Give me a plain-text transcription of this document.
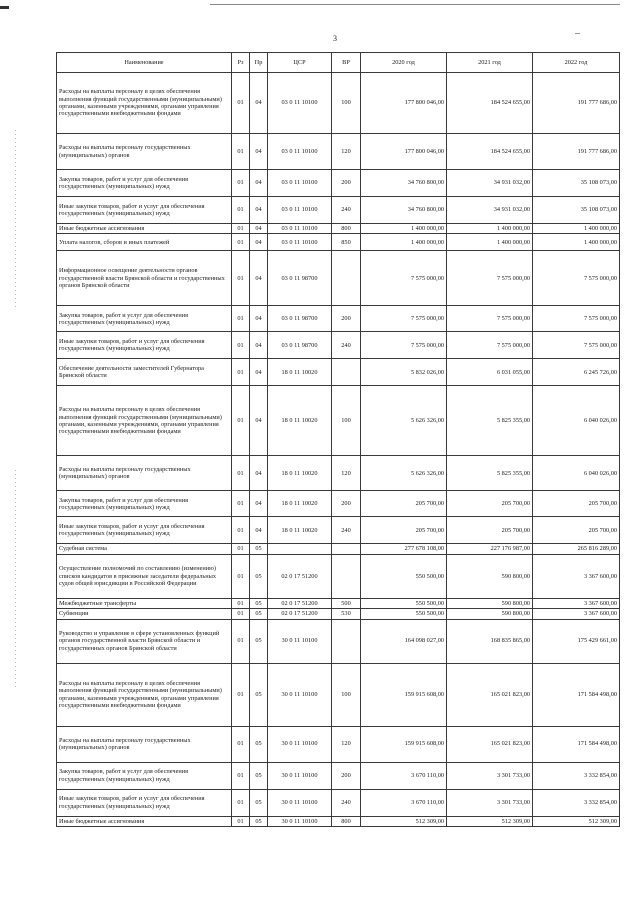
3
Наименование	Рз	Пр	ЦСР	ВР	2020 год	2021 год	2022 год
Расходы на выплаты персоналу в целях обеспечения выполнения функций государственными (муниципальными) органами, казенными учреждениями, органами управления государственными внебюджетными фондами	01	04	03 0 11 10100	100	177 800 046,00	184 524 655,00	191 777 686,00
Расходы на выплаты персоналу государственных (муниципальных) органов	01	04	03 0 11 10100	120	177 800 046,00	184 524 655,00	191 777 686,00
Закупка товаров, работ и услуг для обеспечения государственных (муниципальных) нужд	01	04	03 0 11 10100	200	34 760 800,00	34 931 032,00	35 108 073,00
Иные закупки товаров, работ и услуг для обеспечения государственных (муниципальных) нужд	01	04	03 0 11 10100	240	34 760 800,00	34 931 032,00	35 108 073,00
Иные бюджетные ассигнования	01	04	03 0 11 10100	800	1 400 000,00	1 400 000,00	1 400 000,00
Уплата налогов, сборов и иных платежей	01	04	03 0 11 10100	850	1 400 000,00	1 400 000,00	1 400 000,00
Информационное освещение деятельности органов государственной власти Брянской области и государственных органов Брянской области	01	04	03 0 11 98700		7 575 000,00	7 575 000,00	7 575 000,00
Закупка товаров, работ и услуг для обеспечения государственных (муниципальных) нужд	01	04	03 0 11 98700	200	7 575 000,00	7 575 000,00	7 575 000,00
Иные закупки товаров, работ и услуг для обеспечения государственных (муниципальных) нужд	01	04	03 0 11 98700	240	7 575 000,00	7 575 000,00	7 575 000,00
Обеспечение деятельности заместителей Губернатора Брянской области	01	04	18 0 11 10020		5 832 026,00	6 031 055,00	6 245 726,00
Расходы на выплаты персоналу в целях обеспечения выполнения функций государственными (муниципальными) органами, казенными учреждениями, органами управления государственными внебюджетными фондами	01	04	18 0 11 10020	100	5 626 326,00	5 825 355,00	6 040 026,00
Расходы на выплаты персоналу государственных (муниципальных) органов	01	04	18 0 11 10020	120	5 626 326,00	5 825 355,00	6 040 026,00
Закупка товаров, работ и услуг для обеспечения государственных (муниципальных) нужд	01	04	18 0 11 10020	200	205 700,00	205 700,00	205 700,00
Иные закупки товаров, работ и услуг для обеспечения государственных (муниципальных) нужд	01	04	18 0 11 10020	240	205 700,00	205 700,00	205 700,00
Судебная система	01	05			277 678 108,00	227 176 987,00	265 816 289,00
Осуществление полномочий по составлению (изменению) списков кандидатов в присяжные заседатели федеральных судов общей юрисдикции в Российской Федерации	01	05	02 0 17 51200		550 500,00	590 800,00	3 367 600,00
Межбюджетные трансферты	01	05	02 0 17 51200	500	550 500,00	590 800,00	3 367 600,00
Субвенции	01	05	02 0 17 51200	530	550 500,00	590 800,00	3 367 600,00
Руководство и управление в сфере установленных функций органов государственной власти Брянской области и государственных органов Брянской области	01	05	30 0 11 10100		164 098 027,00	168 835 865,00	175 429 661,00
Расходы на выплаты персоналу в целях обеспечения выполнения функций государственными (муниципальными) органами, казенными учреждениями, органами управления государственными внебюджетными фондами	01	05	30 0 11 10100	100	159 915 608,00	165 021 823,00	171 584 498,00
Расходы на выплаты персоналу государственных (муниципальных) органов	01	05	30 0 11 10100	120	159 915 608,00	165 021 823,00	171 584 498,00
Закупка товаров, работ и услуг для обеспечения государственных (муниципальных) нужд	01	05	30 0 11 10100	200	3 670 110,00	3 301 733,00	3 332 854,00
Иные закупки товаров, работ и услуг для обеспечения государственных (муниципальных) нужд	01	05	30 0 11 10100	240	3 670 110,00	3 301 733,00	3 332 854,00
Иные бюджетные ассигнования	01	05	30 0 11 10100	800	512 309,00	512 309,00	512 309,00
